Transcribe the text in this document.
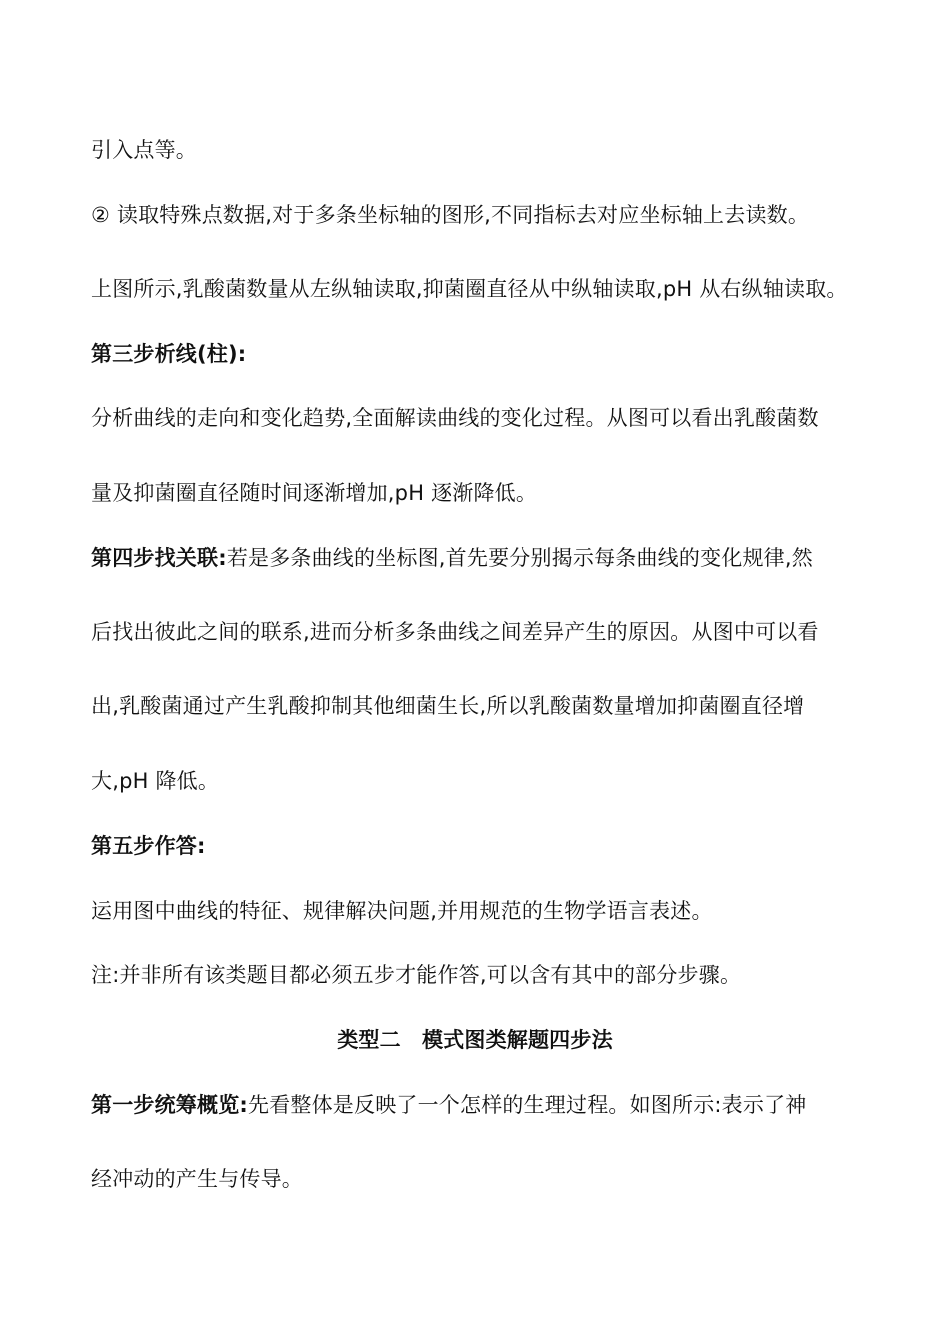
引入点等。
② 读取特殊点数据,对于多条坐标轴的图形,不同指标去对应坐标轴上去读数。
上图所示,乳酸菌数量从左纵轴读取,抑菌圈直径从中纵轴读取,pH 从右纵轴读取。
第三步析线(柱):
分析曲线的走向和变化趋势,全面解读曲线的变化过程。从图可以看出乳酸菌数
量及抑菌圈直径随时间逐渐增加,pH 逐渐降低。
第四步找关联:若是多条曲线的坐标图,首先要分别揭示每条曲线的变化规律,然
后找出彼此之间的联系,进而分析多条曲线之间差异产生的原因。从图中可以看
出,乳酸菌通过产生乳酸抑制其他细菌生长,所以乳酸菌数量增加抑菌圈直径增
大,pH 降低。
第五步作答:
运用图中曲线的特征、规律解决问题,并用规范的生物学语言表述。
注:并非所有该类题目都必须五步才能作答,可以含有其中的部分步骤。
类型二　模式图类解题四步法
第一步统筹概览:先看整体是反映了一个怎样的生理过程。如图所示:表示了神
经冲动的产生与传导。
